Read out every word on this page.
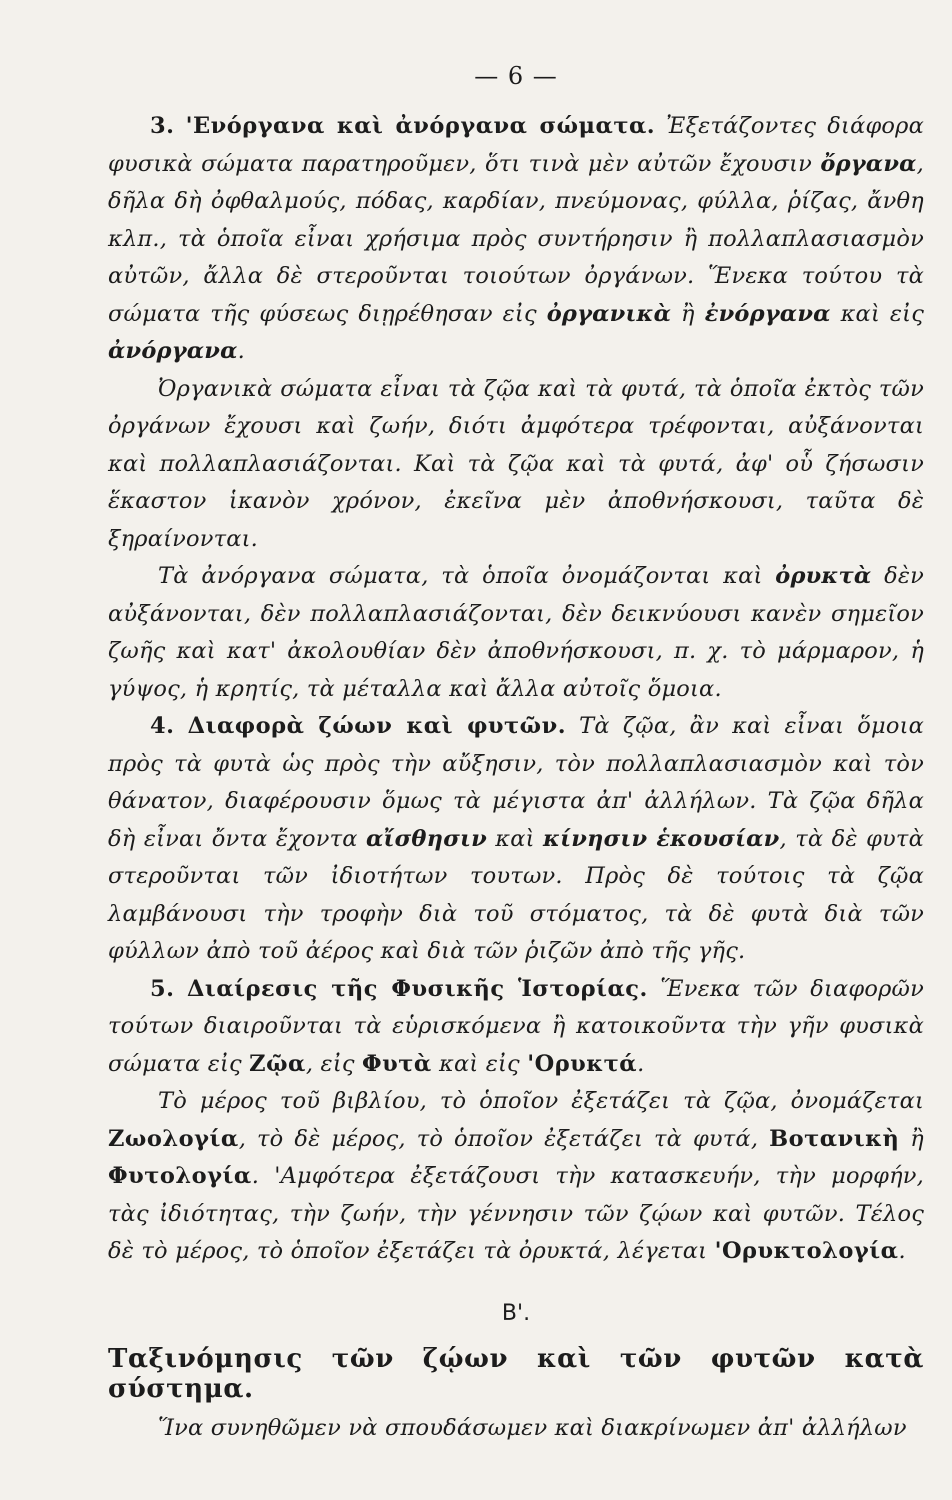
— 6 —

3. 'Ενόργανα καὶ ἀνόργανα σώματα. Ἐξετάζοντες διάφορα φυσικὰ σώματα παρατηροῦμεν, ὅτι τινὰ μὲν αὐτῶν ἔχουσιν ὄργανα, δῆλα δὴ ὀφθαλμούς, πόδας, καρδίαν, πνεύμονας, φύλλα, ῥίζας, ἄνθη κλπ., τὰ ὁποῖα εἶναι χρήσιμα πρὸς συντήρησιν ἢ πολλαπλασιασμὸν αὐτῶν, ἄλλα δὲ στεροῦνται τοιούτων ὀργάνων. Ἕνεκα τούτου τὰ σώματα τῆς φύσεως διῃρέθησαν εἰς ὀργανικὰ ἢ ἐνόργανα καὶ εἰς ἀνόργανα.

Ὀργανικὰ σώματα εἶναι τὰ ζῷα καὶ τὰ φυτά, τὰ ὁποῖα ἐκτὸς τῶν ὀργάνων ἔχουσι καὶ ζωήν, διότι ἀμφότερα τρέφονται, αὐξάνονται καὶ πολλαπλασιάζονται. Καὶ τὰ ζῷα καὶ τὰ φυτά, ἀφ' οὗ ζήσωσιν ἕκαστον ἱκανὸν χρόνον, ἐκεῖνα μὲν ἀποθνήσκουσι, ταῦτα δὲ ξηραίνονται.

Τὰ ἀνόργανα σώματα, τὰ ὁποῖα ὀνομάζονται καὶ ὀρυκτὰ δὲν αὐξάνονται, δὲν πολλαπλασιάζονται, δὲν δεικνύουσι κανὲν σημεῖον ζωῆς καὶ κατ' ἀκολουθίαν δὲν ἀποθνήσκουσι, π. χ. τὸ μάρμαρον, ἡ γύψος, ἡ κρητίς, τὰ μέταλλα καὶ ἄλλα αὐτοῖς ὅμοια.

4. Διαφορὰ ζώων καὶ φυτῶν. Τὰ ζῷα, ἂν καὶ εἶναι ὅμοια πρὸς τὰ φυτὰ ὡς πρὸς τὴν αὔξησιν, τὸν πολλαπλασιασμὸν καὶ τὸν θάνατον, διαφέρουσιν ὅμως τὰ μέγιστα ἀπ' ἀλλήλων. Τὰ ζῷα δῆλα δὴ εἶναι ὄντα ἔχοντα αἴσθησιν καὶ κίνησιν ἑκουσίαν, τὰ δὲ φυτὰ στεροῦνται τῶν ἰδιοτήτων τουτων. Πρὸς δὲ τούτοις τὰ ζῷα λαμβάνουσι τὴν τροφὴν διὰ τοῦ στόματος, τὰ δὲ φυτὰ διὰ τῶν φύλλων ἀπὸ τοῦ ἀέρος καὶ διὰ τῶν ῥιζῶν ἀπὸ τῆς γῆς.

5. Διαίρεσις τῆς Φυσικῆς Ἱστορίας. Ἕνεκα τῶν διαφορῶν τούτων διαιροῦνται τὰ εὑρισκόμενα ἢ κατοικοῦντα τὴν γῆν φυσικὰ σώματα εἰς Ζῷα, εἰς Φυτὰ καὶ εἰς 'Ορυκτά.

Τὸ μέρος τοῦ βιβλίου, τὸ ὁποῖον ἐξετάζει τὰ ζῷα, ὀνομάζεται Ζωολογία, τὸ δὲ μέρος, τὸ ὁποῖον ἐξετάζει τὰ φυτά, Βοτανικὴ ἢ Φυτολογία. 'Αμφότερα ἐξετάζουσι τὴν κατασκευήν, τὴν μορφήν, τὰς ἰδιότητας, τὴν ζωήν, τὴν γέννησιν τῶν ζῴων καὶ φυτῶν. Τέλος δὲ τὸ μέρος, τὸ ὁποῖον ἐξετάζει τὰ ὀρυκτά, λέγεται 'Ορυκτολογία.

Β'.

Ταξινόμησις τῶν ζῴων καὶ τῶν φυτῶν κατὰ σύστημα.

Ἵνα συνηθῶμεν νὰ σπουδάσωμεν καὶ διακρίνωμεν ἀπ' ἀλλήλων
